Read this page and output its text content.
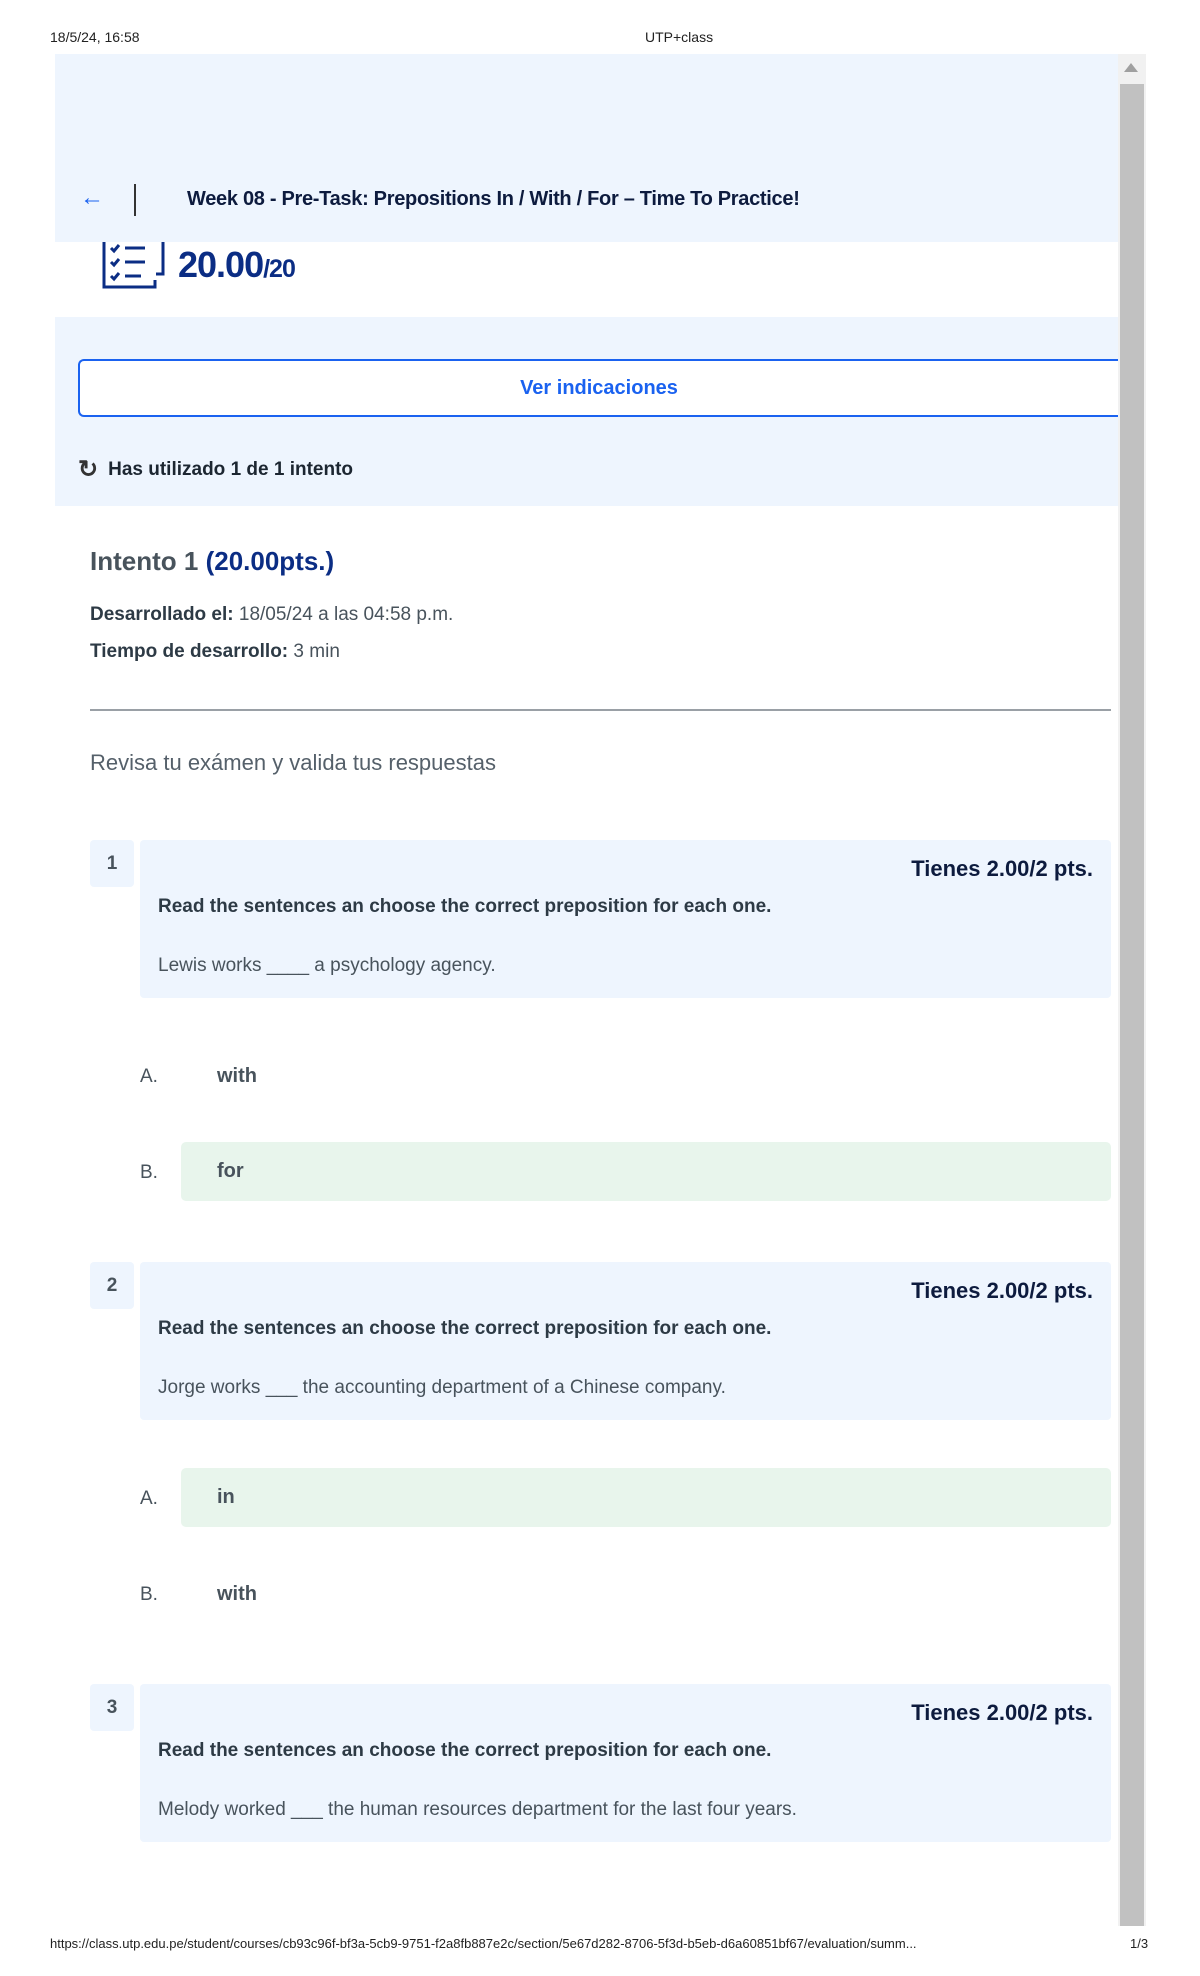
18/5/24, 16:58	UTP+class
←	Week 08 - Pre-Task: Prepositions In / With / For – Time To Practice!
20.00/20
Ver indicaciones
↻ Has utilizado 1 de 1 intento
Intento 1 (20.00pts.)
Desarrollado el: 18/05/24 a las 04:58 p.m.
Tiempo de desarrollo: 3 min
Revisa tu exámen y valida tus respuestas
1	Tienes 2.00/2 pts.
Read the sentences an choose the correct preposition for each one.
Lewis works ____ a psychology agency.
A.	with
B.	for
2	Tienes 2.00/2 pts.
Read the sentences an choose the correct preposition for each one.
Jorge works ___ the accounting department of a Chinese company.
A.	in
B.	with
3	Tienes 2.00/2 pts.
Read the sentences an choose the correct preposition for each one.
Melody worked ___ the human resources department for the last four years.
https://class.utp.edu.pe/student/courses/cb93c96f-bf3a-5cb9-9751-f2a8fb887e2c/section/5e67d282-8706-5f3d-b5eb-d6a60851bf67/evaluation/summ...	1/3
